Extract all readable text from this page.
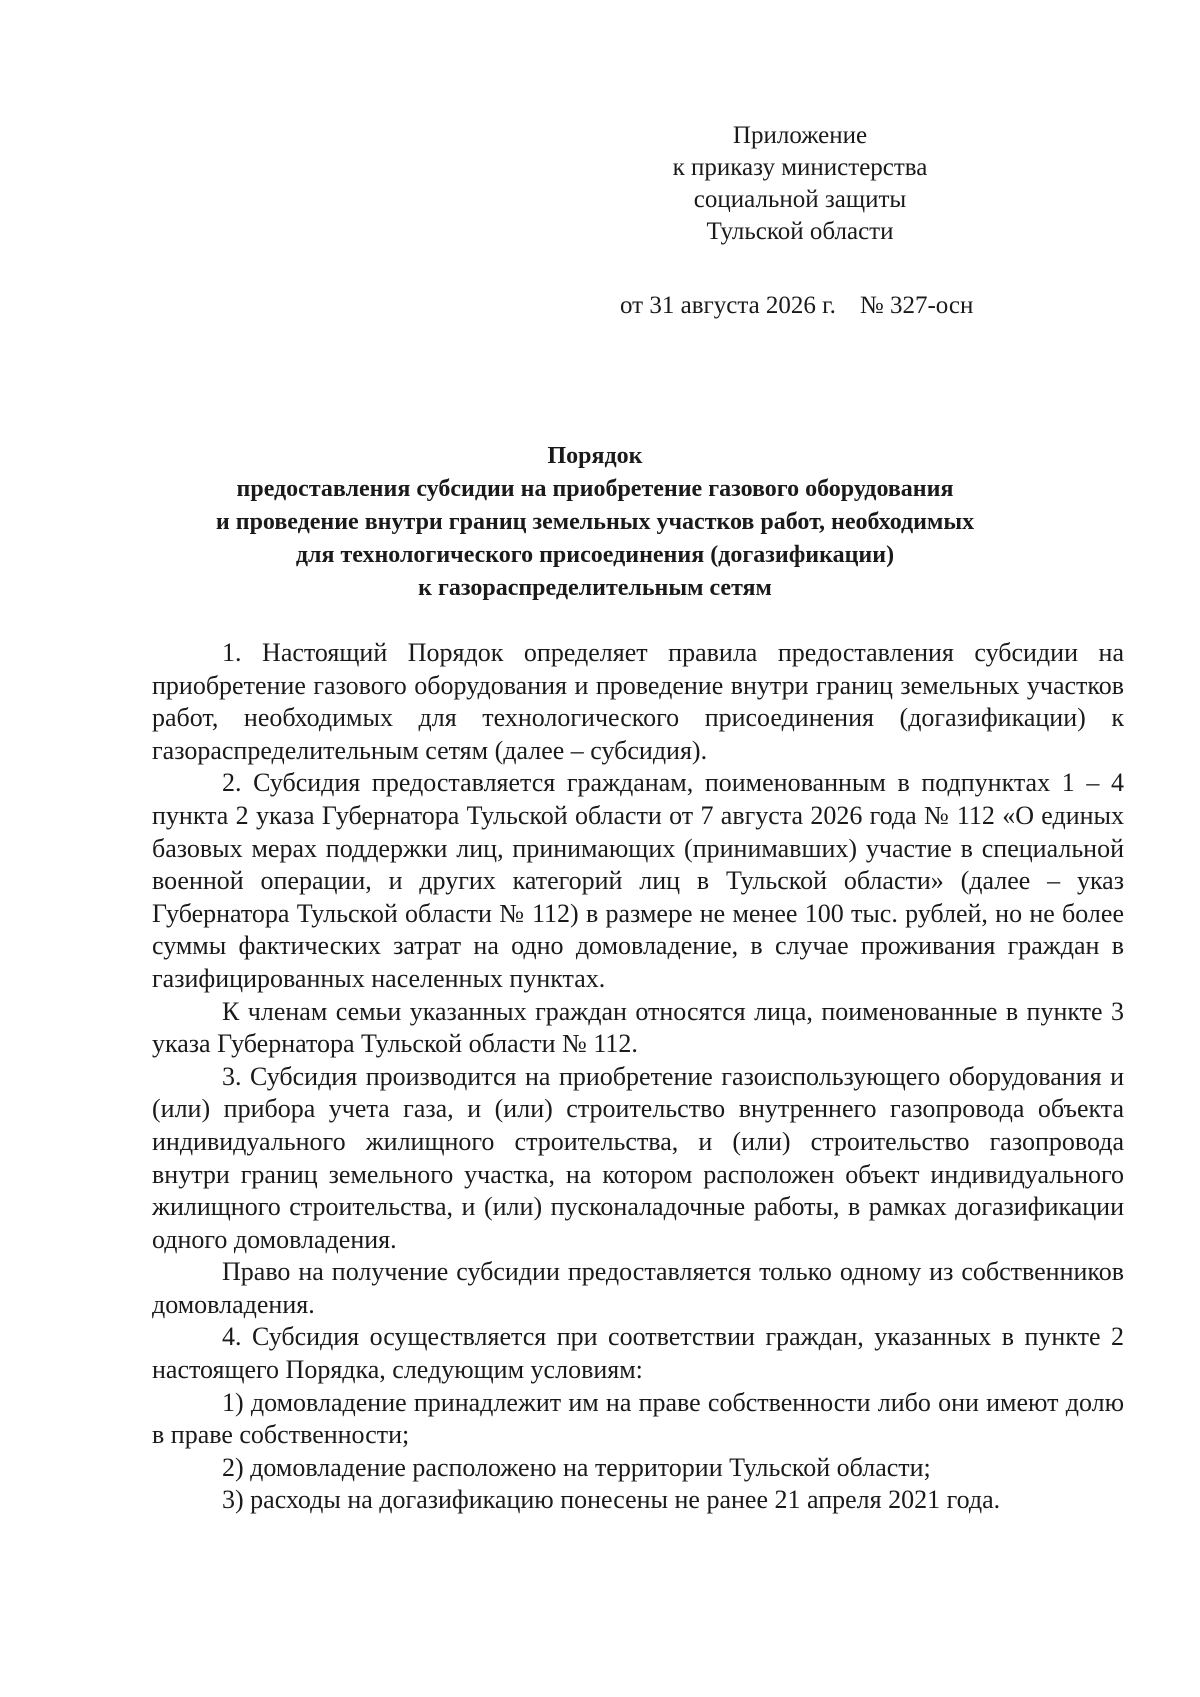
Приложение
к приказу министерства
социальной защиты
Тульской области
от 31 августа 2026 г. № 327-осн
Порядок
предоставления субсидии на приобретение газового оборудования
и проведение внутри границ земельных участков работ, необходимых
для технологического присоединения (догазификации)
к газораспределительным сетям

1. Настоящий Порядок определяет правила предоставления субсидии на приобретение газового оборудования и проведение внутри границ земельных участков работ, необходимых для технологического присоединения (догазификации) к газораспределительным сетям (далее – субсидия).

2. Субсидия предоставляется гражданам, поименованным в подпунктах 1 – 4 пункта 2 указа Губернатора Тульской области от 7 августа 2026 года № 112 «О единых базовых мерах поддержки лиц, принимающих (принимавших) участие в специальной военной операции, и других категорий лиц в Тульской области» (далее – указ Губернатора Тульской области № 112) в размере не менее 100 тыс. рублей, но не более суммы фактических затрат на одно домовладение, в случае проживания граждан в газифицированных населенных пунктах.

К членам семьи указанных граждан относятся лица, поименованные в пункте 3 указа Губернатора Тульской области № 112.

3. Субсидия производится на приобретение газоиспользующего оборудования и (или) прибора учета газа, и (или) строительство внутреннего газопровода объекта индивидуального жилищного строительства, и (или) строительство газопровода внутри границ земельного участка, на котором расположен объект индивидуального жилищного строительства, и (или) пусконаладочные работы, в рамках догазификации одного домовладения.

Право на получение субсидии предоставляется только одному из собственников домовладения.

4. Субсидия осуществляется при соответствии граждан, указанных в пункте 2 настоящего Порядка, следующим условиям:

1) домовладение принадлежит им на праве собственности либо они имеют долю в праве собственности;

2) домовладение расположено на территории Тульской области;

3) расходы на догазификацию понесены не ранее 21 апреля 2021 года.
